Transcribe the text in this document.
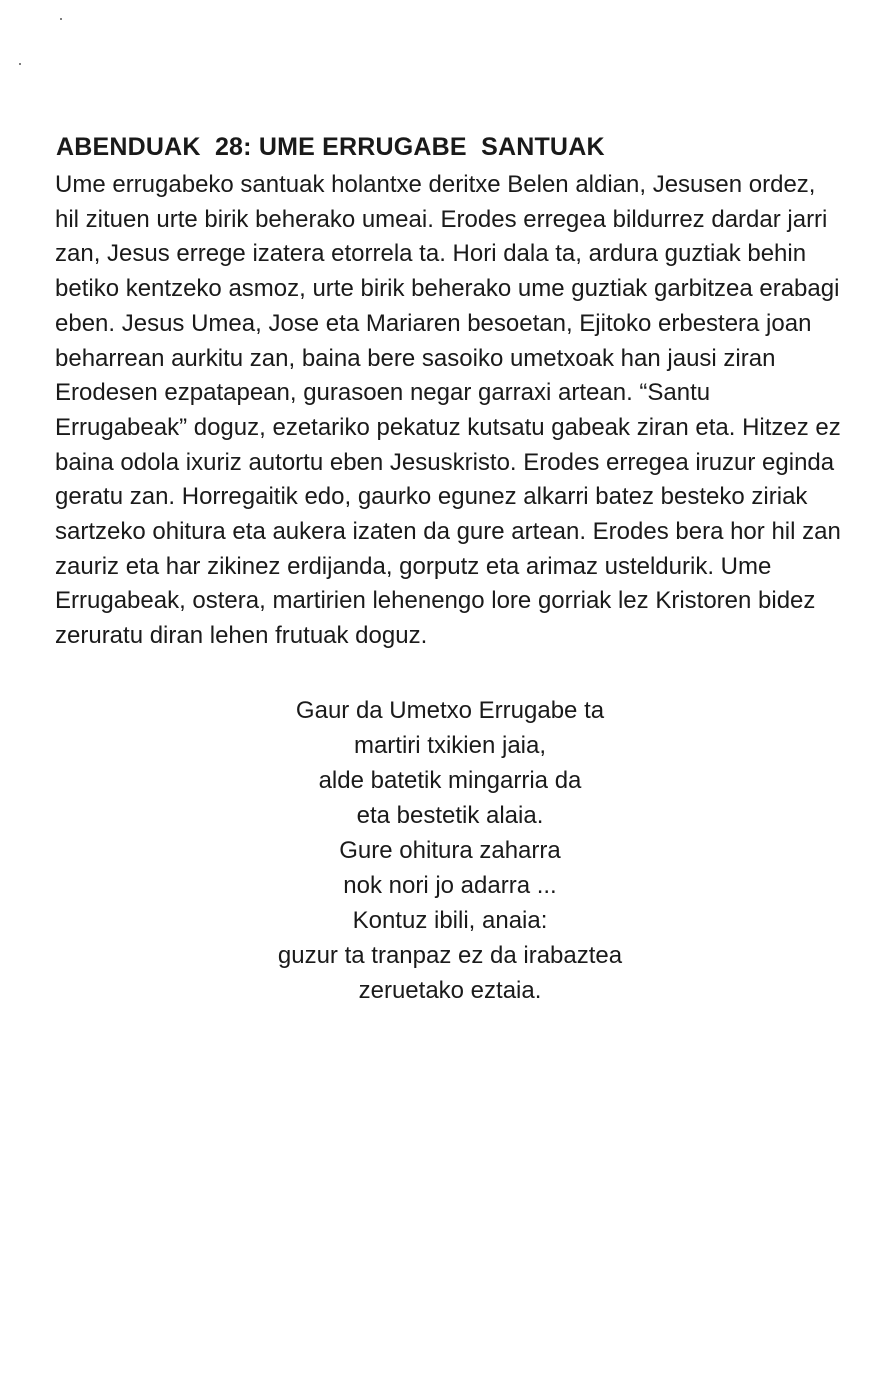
ABENDUAK  28: UME ERRUGABE  SANTUAK

Ume errugabeko santuak holantxe deritxe Belen aldian, Jesusen ordez,
hil zituen urte birik beherako umeai. Erodes erregea bildurrez dardar jarri
zan, Jesus errege izatera etorrela ta. Hori dala ta, ardura guztiak behin
betiko kentzeko asmoz, urte birik beherako ume guztiak garbitzea erabagi
eben. Jesus Umea, Jose eta Mariaren besoetan, Ejitoko erbestera joan
beharrean aurkitu zan, baina bere sasoiko umetxoak han jausi ziran
Erodesen ezpatapean, gurasoen negar garraxi artean. “Santu
Errugabeak” doguz, ezetariko pekatuz kutsatu gabeak ziran eta. Hitzez ez
baina odola ixuriz autortu eben Jesuskristo. Erodes erregea iruzur eginda
geratu zan. Horregaitik edo, gaurko egunez alkarri batez besteko ziriak
sartzeko ohitura eta aukera izaten da gure artean. Erodes bera hor hil zan
zauriz eta har zikinez erdijanda, gorputz eta arimaz usteldurik. Ume
Errugabeak, ostera, martirien lehenengo lore gorriak lez Kristoren bidez
zeruratu diran lehen frutuak doguz.

Gaur da Umetxo Errugabe ta
martiri txikien jaia,
alde batetik mingarria da
eta bestetik alaia.
Gure ohitura zaharra
nok nori jo adarra ...
Kontuz ibili, anaia:
guzur ta tranpaz ez da irabaztea
zeruetako eztaia.
